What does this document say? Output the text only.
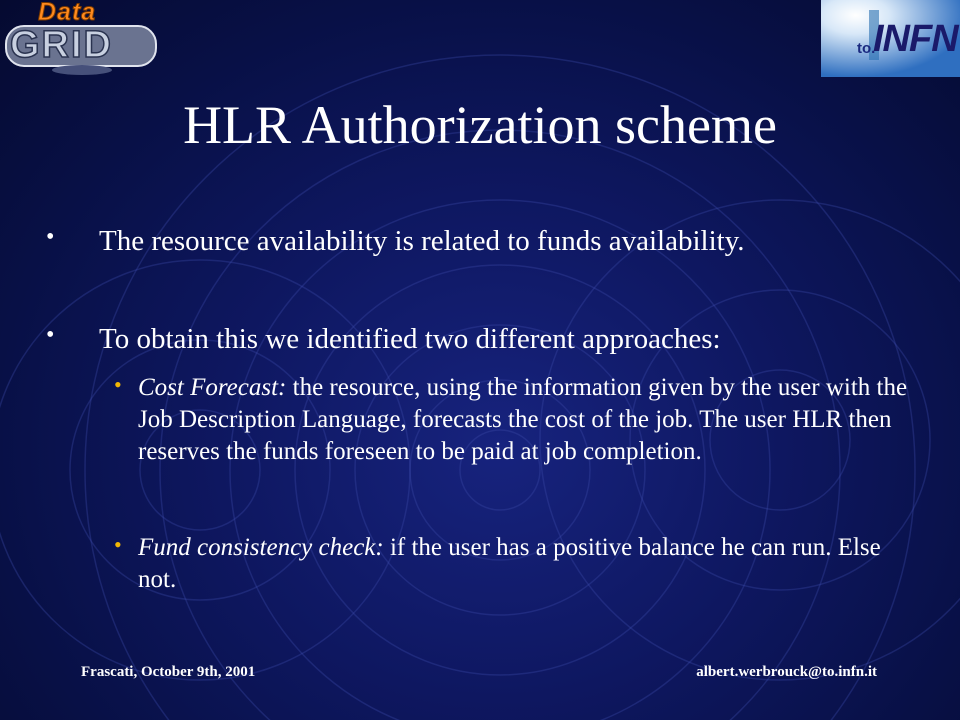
Data
GRID	to.
INFN
HLR Authorization scheme
• The resource availability is related to funds availability.
• To obtain this we identified two different approaches:
• Cost Forecast: the resource, using the information given by the user with the Job Description Language, forecasts the cost of the job. The user HLR then reserves the funds foreseen to be paid at job completion.
• Fund consistency check: if the user has a positive balance he can run. Else not.
Frascati, October 9th, 2001	albert.werbrouck@to.infn.it
